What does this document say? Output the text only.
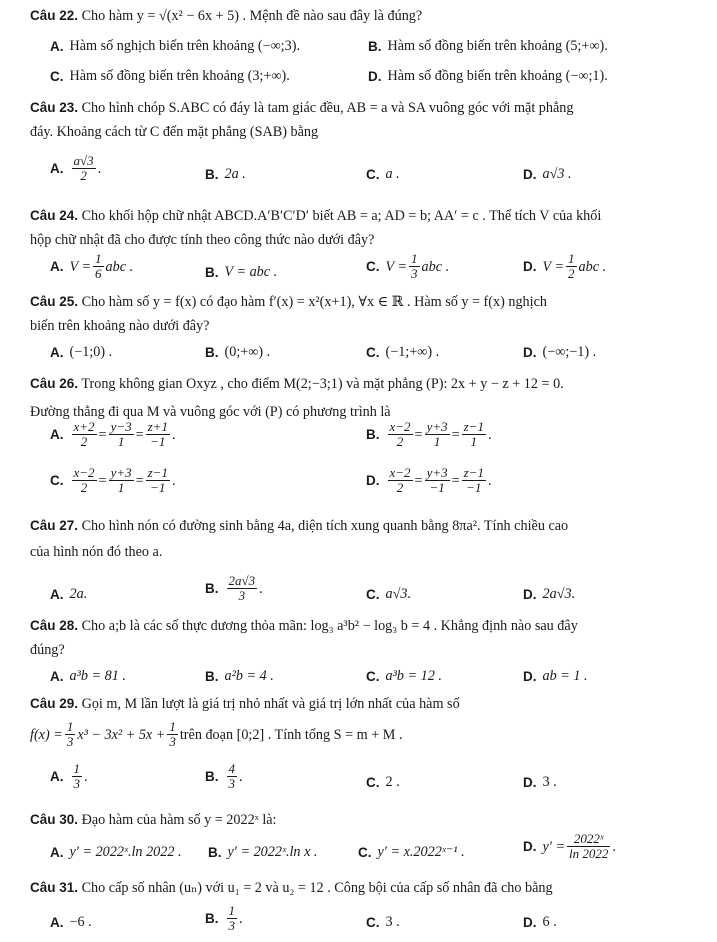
Câu 22. Cho hàm y = √(x² − 6x + 5) . Mệnh đề nào sau đây là đúng?
A. Hàm số nghịch biến trên khoảng (−∞;3).	B. Hàm số đồng biến trên khoảng (5;+∞).
C. Hàm số đồng biến trên khoảng (3;+∞).	D. Hàm số đồng biến trên khoảng (−∞;1).
Câu 23. Cho hình chóp S.ABC có đáy là tam giác đều, AB = a và SA vuông góc với mặt phẳng
đáy. Khoảng cách từ C đến mặt phẳng (SAB) bằng
A. $\frac{a√3}{2}$ .	B. 2a .	C. a .	D. a√3 .
Câu 24. Cho khối hộp chữ nhật ABCD.A′B′C′D′ biết AB = a; AD = b; AA′ = c . Thể tích V của khối
hộp chữ nhật đã cho được tính theo công thức nào dưới đây?
A. $V = \frac{1}{6}$ abc .	B. V = abc .	C. $V = \frac{1}{3}$ abc .	D. $V = \frac{1}{2}$ abc .
Câu 25. Cho hàm số y = f(x) có đạo hàm f′(x) = x²(x+1), ∀x ∈ ℝ . Hàm số y = f(x) nghịch
biến trên khoảng nào dưới đây?
A. (−1;0) .	B. (0;+∞) .	C. (−1;+∞) .	D. (−∞;−1) .
Câu 26. Trong không gian Oxyz , cho điểm M(2;−3;1) và mặt phẳng (P): 2x + y − z + 12 = 0.
Đường thẳng đi qua M và vuông góc với (P) có phương trình là
A. $\frac{x+2}{2} = \frac{y-3}{1} = \frac{z+1}{-1}$ .	B. $\frac{x-2}{2} = \frac{y+3}{1} = \frac{z-1}{1}$ .
C. $\frac{x-2}{2} = \frac{y+3}{1} = \frac{z-1}{-1}$ .	D. $\frac{x-2}{2} = \frac{y+3}{-1} = \frac{z-1}{-1}$ .
Câu 27. Cho hình nón có đường sinh bằng 4a, diện tích xung quanh bằng 8πa². Tính chiều cao
của hình nón đó theo a.
A. 2a.	B. $\frac{2a√3}{3}$ .	C. a√3.	D. 2a√3.
Câu 28. Cho a;b là các số thực dương thỏa mãn: log₃ a³b² − log₃ b = 4 . Khẳng định nào sau đây
đúng?
A. a³b = 81 .	B. a²b = 4 .	C. a³b = 12 .	D. ab = 1 .
Câu 29. Gọi m, M lần lượt là giá trị nhỏ nhất và giá trị lớn nhất của hàm số
$f(x) = \frac{1}{3} x^3 - 3x^2 + 5x + \frac{1}{3}$ trên đoạn [0;2] . Tính tổng S = m + M .
A. $\frac{1}{3}$ .	B. $\frac{4}{3}$ .	C. 2 .	D. 3 .
Câu 30. Đạo hàm của hàm số y = 2022ˣ là:
A. y′ = 2022ˣ.ln 2022 . B. y′ = 2022ˣ.ln x .	C. y′ = x.2022ˣ⁻¹ .	D. $y' = \frac{\text{2022ˣ}}{\ln 2022}$ .
Câu 31. Cho cấp số nhân (uₙ) với u₁ = 2 và u₂ = 12 . Công bội của cấp số nhân đã cho bằng
A. −6 .	B. $\frac{1}{3}$ .	C. 3 .	D. 6 .
